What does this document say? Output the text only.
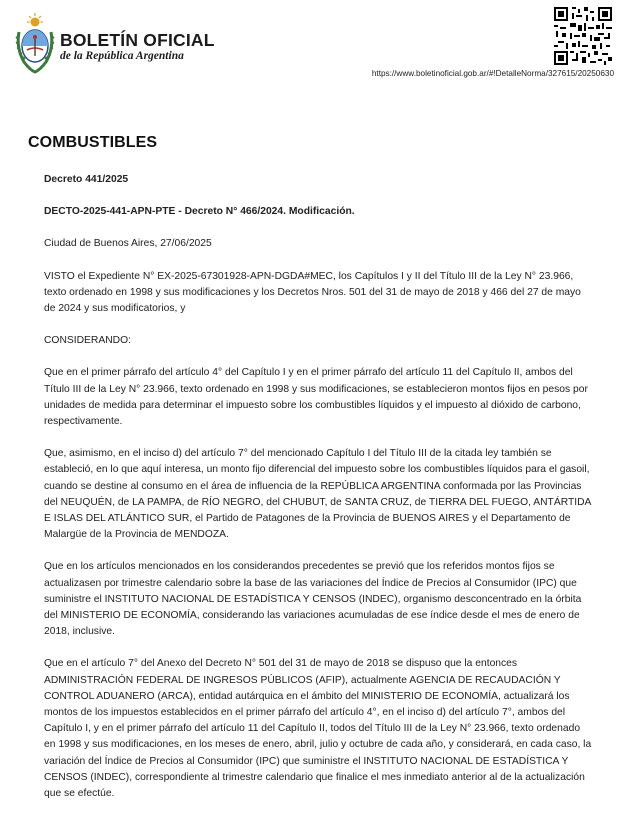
BOLETÍN OFICIAL
de la República Argentina
https://www.boletinoficial.gob.ar/#!DetalleNorma/327615/20250630
COMBUSTIBLES

Decreto 441/2025

DECTO-2025-441-APN-PTE - Decreto N° 466/2024. Modificación.

Ciudad de Buenos Aires, 27/06/2025

VISTO el Expediente N° EX-2025-67301928-APN-DGDA#MEC, los Capítulos I y II del Título III de la Ley N° 23.966, texto ordenado en 1998 y sus modificaciones y los Decretos Nros. 501 del 31 de mayo de 2018 y 466 del 27 de mayo de 2024 y sus modificatorios, y

CONSIDERANDO:

Que en el primer párrafo del artículo 4° del Capítulo I y en el primer párrafo del artículo 11 del Capítulo II, ambos del Título III de la Ley N° 23.966, texto ordenado en 1998 y sus modificaciones, se establecieron montos fijos en pesos por unidades de medida para determinar el impuesto sobre los combustibles líquidos y el impuesto al dióxido de carbono, respectivamente.

Que, asimismo, en el inciso d) del artículo 7° del mencionado Capítulo I del Título III de la citada ley también se estableció, en lo que aquí interesa, un monto fijo diferencial del impuesto sobre los combustibles líquidos para el gasoil, cuando se destine al consumo en el área de influencia de la REPÚBLICA ARGENTINA conformada por las Provincias del NEUQUÉN, de LA PAMPA, de RÍO NEGRO, del CHUBUT, de SANTA CRUZ, de TIERRA DEL FUEGO, ANTÁRTIDA E ISLAS DEL ATLÁNTICO SUR, el Partido de Patagones de la Provincia de BUENOS AIRES y el Departamento de Malargüe de la Provincia de MENDOZA.

Que en los artículos mencionados en los considerandos precedentes se previó que los referidos montos fijos se actualizasen por trimestre calendario sobre la base de las variaciones del Índice de Precios al Consumidor (IPC) que suministre el INSTITUTO NACIONAL DE ESTADÍSTICA Y CENSOS (INDEC), organismo desconcentrado en la órbita del MINISTERIO DE ECONOMÍA, considerando las variaciones acumuladas de ese índice desde el mes de enero de 2018, inclusive.

Que en el artículo 7° del Anexo del Decreto N° 501 del 31 de mayo de 2018 se dispuso que la entonces ADMINISTRACIÓN FEDERAL DE INGRESOS PÚBLICOS (AFIP), actualmente AGENCIA DE RECAUDACIÓN Y CONTROL ADUANERO (ARCA), entidad autárquica en el ámbito del MINISTERIO DE ECONOMÍA, actualizará los montos de los impuestos establecidos en el primer párrafo del artículo 4°, en el inciso d) del artículo 7°, ambos del Capítulo I, y en el primer párrafo del artículo 11 del Capítulo II, todos del Título III de la Ley N° 23.966, texto ordenado en 1998 y sus modificaciones, en los meses de enero, abril, julio y octubre de cada año, y considerará, en cada caso, la variación del Índice de Precios al Consumidor (IPC) que suministre el INSTITUTO NACIONAL DE ESTADÍSTICA Y CENSOS (INDEC), correspondiente al trimestre calendario que finalice el mes inmediato anterior al de la actualización que se efectúe.
